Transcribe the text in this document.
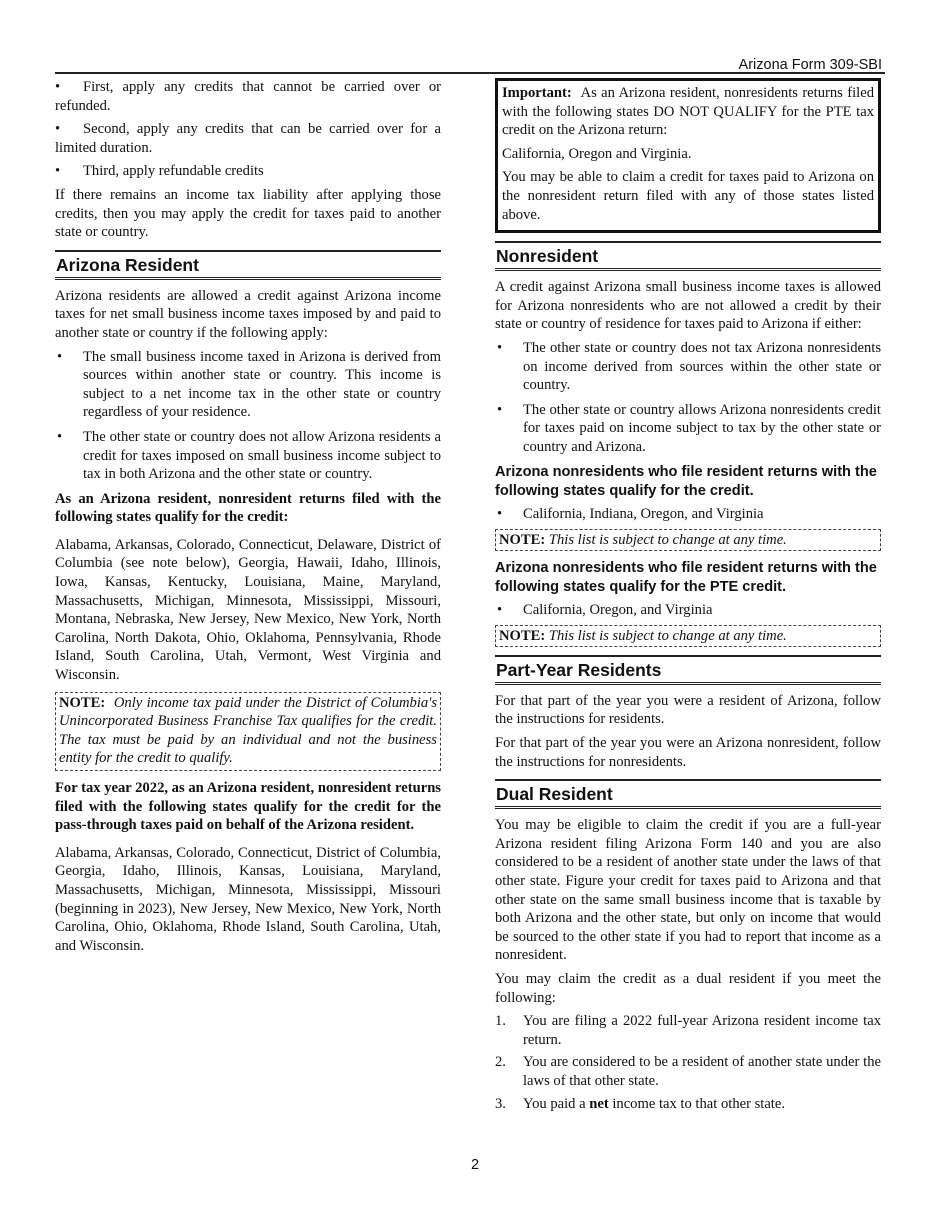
Arizona Form 309-SBI

• First, apply any credits that cannot be carried over or refunded.

• Second, apply any credits that can be carried over for a limited duration.

• Third, apply refundable credits

If there remains an income tax liability after applying those credits, then you may apply the credit for taxes paid to another state or country.

Arizona Resident

Arizona residents are allowed a credit against Arizona income taxes for net small business income taxes imposed by and paid to another state or country if the following apply:

• The small business income taxed in Arizona is derived from sources within another state or country. This income is subject to a net income tax in the other state or country regardless of your residence.
• The other state or country does not allow Arizona residents a credit for taxes imposed on small business income subject to tax in both Arizona and the other state or country.

As an Arizona resident, nonresident returns filed with the following states qualify for the credit:

Alabama, Arkansas, Colorado, Connecticut, Delaware, District of Columbia (see note below), Georgia, Hawaii, Idaho, Illinois, Iowa, Kansas, Kentucky, Louisiana, Maine, Maryland, Massachusetts, Michigan, Minnesota, Mississippi, Missouri, Montana, Nebraska, New Jersey, New Mexico, New York, North Carolina, North Dakota, Ohio, Oklahoma, Pennsylvania, Rhode Island, South Carolina, Utah, Vermont, West Virginia and Wisconsin.

NOTE: Only income tax paid under the District of Columbia's Unincorporated Business Franchise Tax qualifies for the credit. The tax must be paid by an individual and not the business entity for the credit to qualify.

For tax year 2022, as an Arizona resident, nonresident returns filed with the following states qualify for the credit for the pass-through taxes paid on behalf of the Arizona resident.

Alabama, Arkansas, Colorado, Connecticut, District of Columbia, Georgia, Idaho, Illinois, Kansas, Louisiana, Maryland, Massachusetts, Michigan, Minnesota, Mississippi, Missouri (beginning in 2023), New Jersey, New Mexico, New York, North Carolina, Ohio, Oklahoma, Rhode Island, South Carolina, Utah, and Wisconsin.

Important: As an Arizona resident, nonresidents returns filed with the following states DO NOT QUALIFY for the PTE tax credit on the Arizona return:

California, Oregon and Virginia.

You may be able to claim a credit for taxes paid to Arizona on the nonresident return filed with any of those states listed above.

Nonresident

A credit against Arizona small business income taxes is allowed for Arizona nonresidents who are not allowed a credit by their state or country of residence for taxes paid to Arizona if either:

• The other state or country does not tax Arizona nonresidents on income derived from sources within the other state or country.
• The other state or country allows Arizona nonresidents credit for taxes paid on income subject to tax by the other state or country and Arizona.
Arizona nonresidents who file resident returns with the following states qualify for the credit.
• California, Indiana, Oregon, and Virginia
NOTE: This list is subject to change at any time.
Arizona nonresidents who file resident returns with the following states qualify for the PTE credit.
• California, Oregon, and Virginia
NOTE: This list is subject to change at any time.
Part-Year Residents

For that part of the year you were a resident of Arizona, follow the instructions for residents.

For that part of the year you were an Arizona nonresident, follow the instructions for nonresidents.

Dual Resident

You may be eligible to claim the credit if you are a full-year Arizona resident filing Arizona Form 140 and you are also considered to be a resident of another state under the laws of that other state. Figure your credit for taxes paid to Arizona and that other state on the same small business income that is taxable by both Arizona and the other state, but only on income that would be sourced to the other state if you had to report that income as a nonresident.

You may claim the credit as a dual resident if you meet the following:

1. You are filing a 2022 full-year Arizona resident income tax return.
2. You are considered to be a resident of another state under the laws of that other state.
3. You paid a net income tax to that other state.
2
